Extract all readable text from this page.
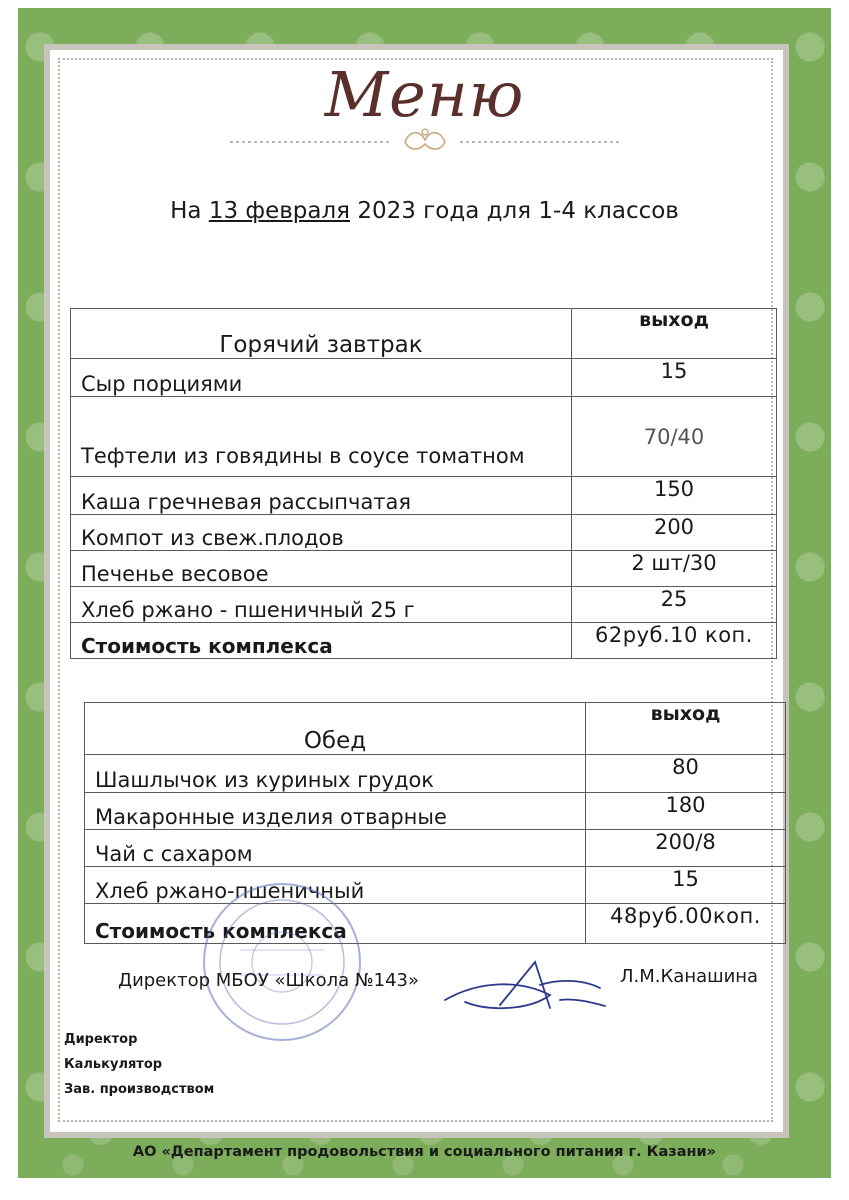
Меню
На 13 февраля 2023 года для 1-4 классов
Горячий завтрак	выход
Сыр порциями	15
Тефтели из говядины в соусе томатном	70/40
Каша гречневая рассыпчатая	150
Компот из свеж.плодов	200
Печенье весовое	2 шт/30
Хлеб ржано - пшеничный 25 г	25
Стоимость комплекса	62руб.10 коп.
Обед	выход
Шашлычок из куриных грудок	80
Макаронные изделия отварные	180
Чай с сахаром	200/8
Хлеб ржано-пшеничный	15
Стоимость комплекса	48руб.00коп.
Директор МБОУ «Школа №143»	Л.М.Канашина
Директор
Калькулятор
Зав. производством
АО «Департамент продовольствия и социального питания г. Казани»
